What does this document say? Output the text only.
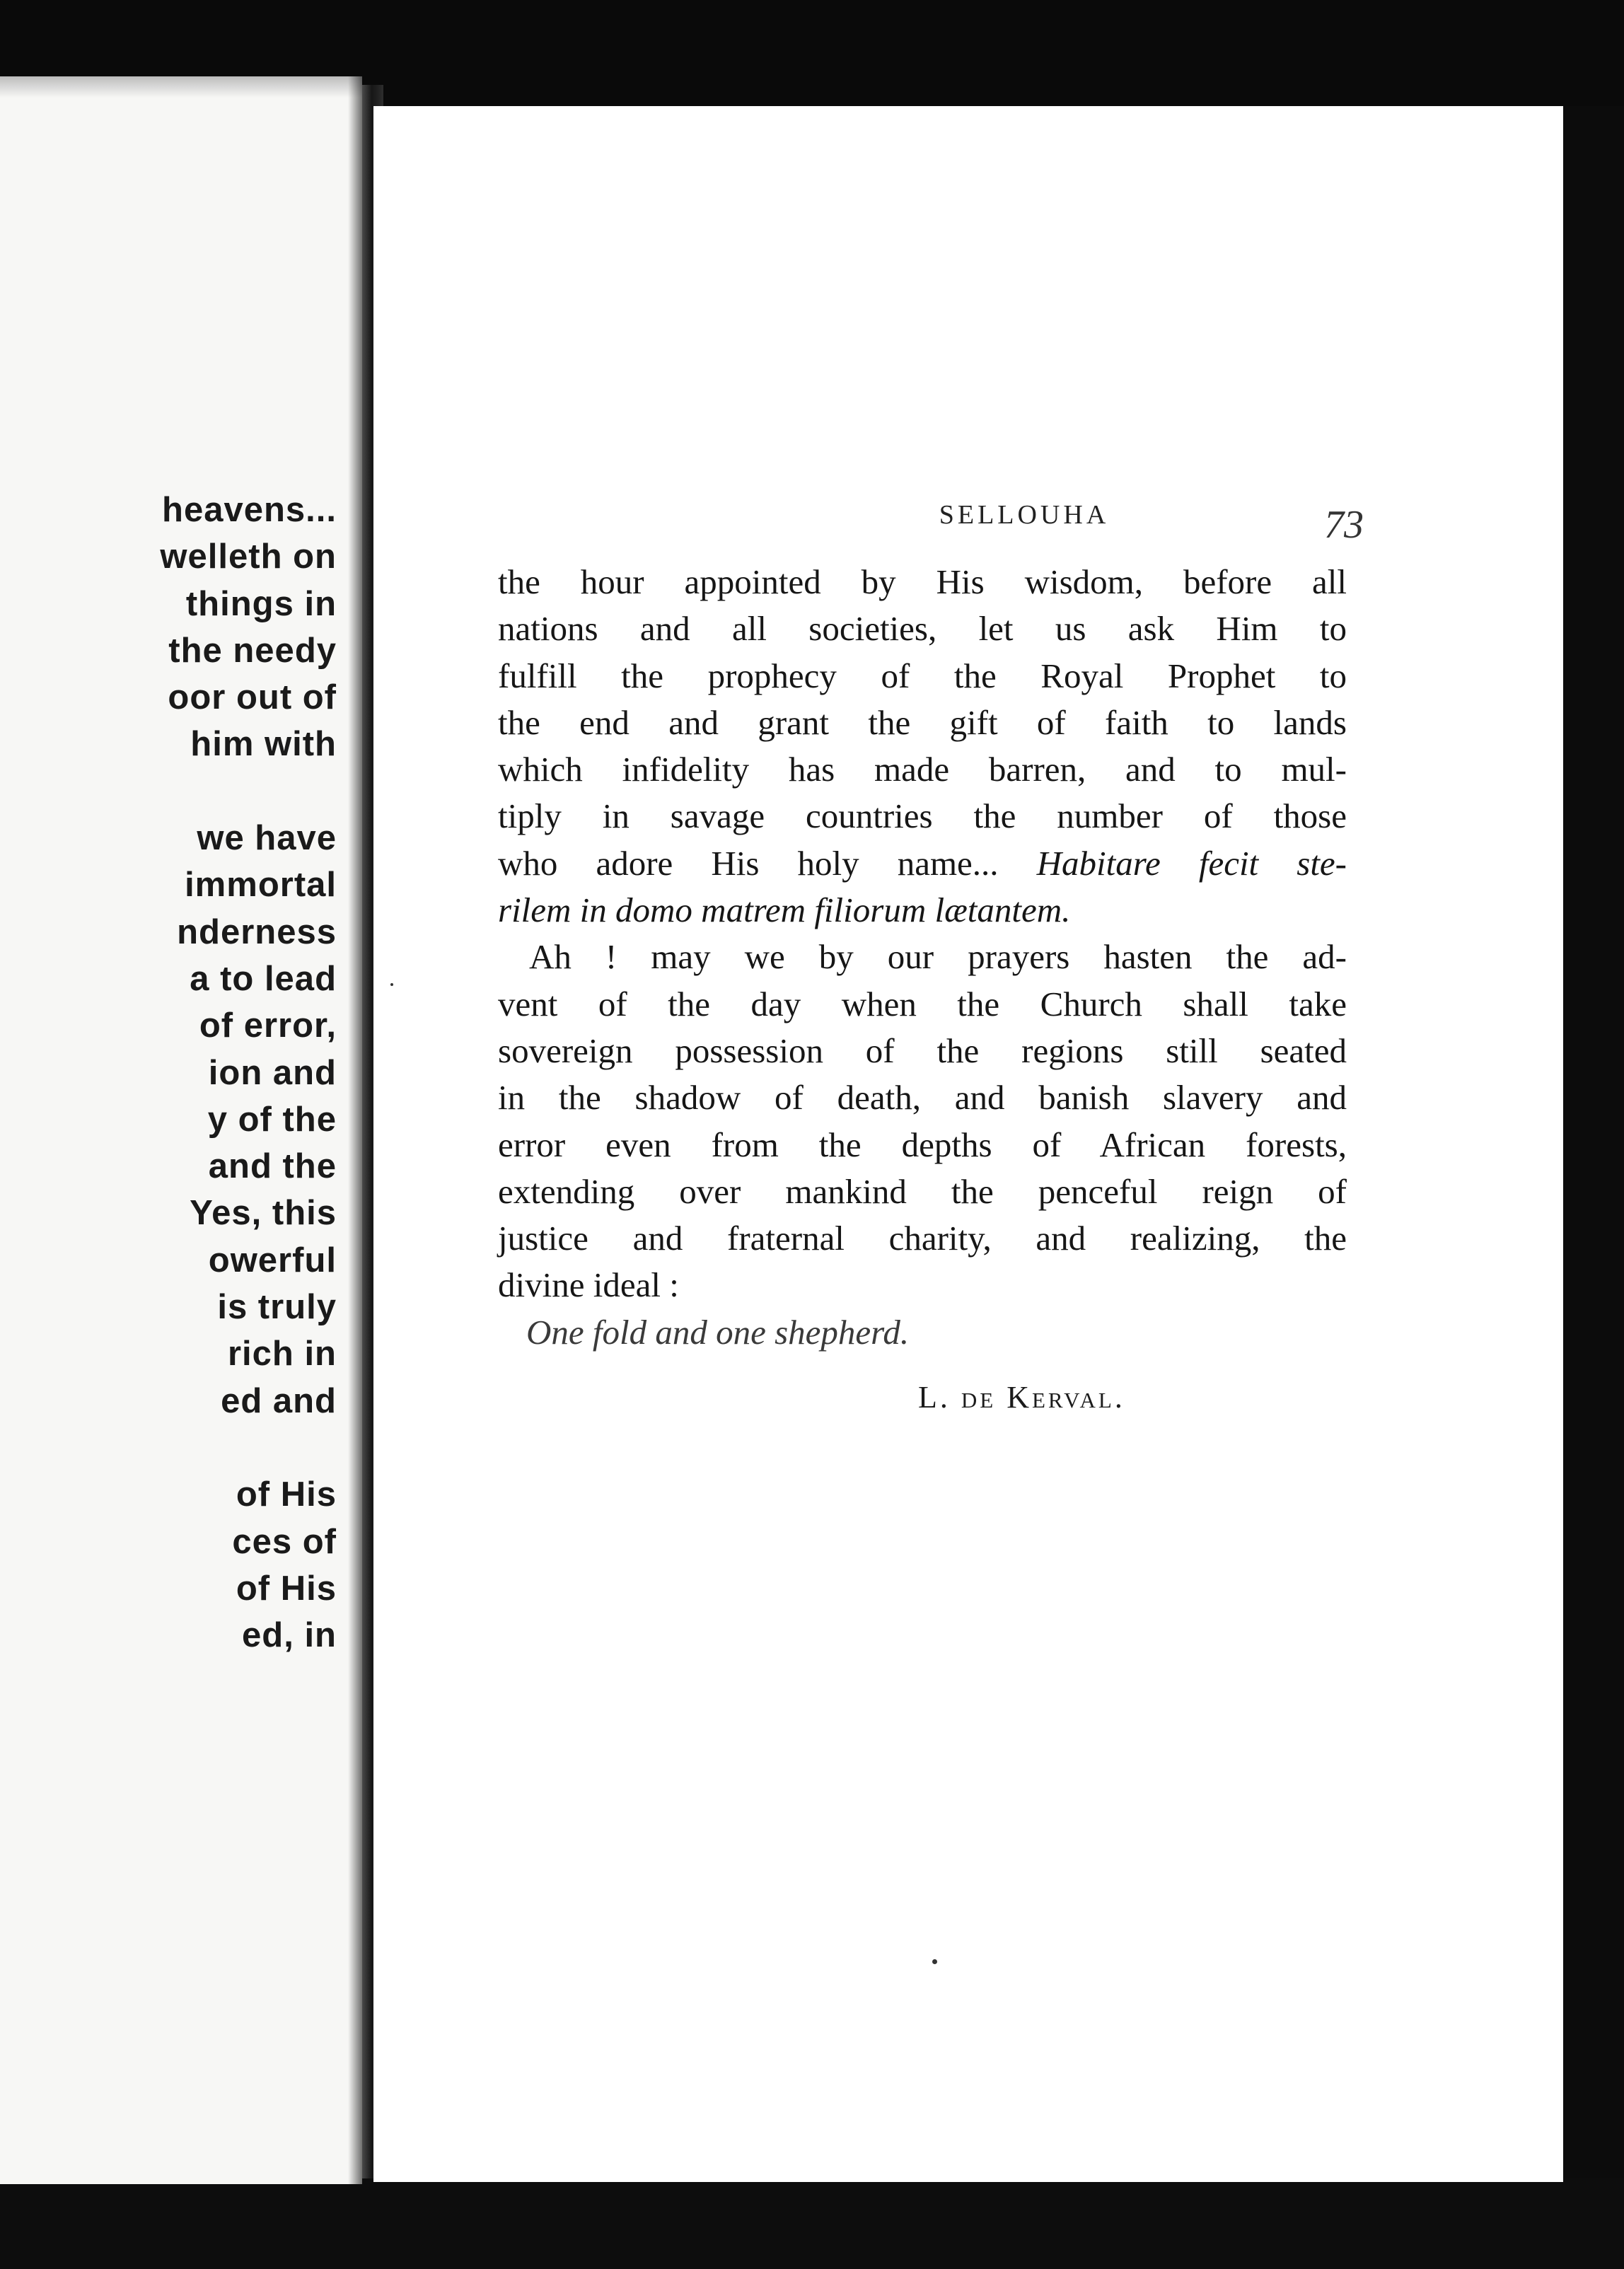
heavens...
welleth on
things in
the needy
oor out of
him with
we have
immortal
nderness
a to lead
of error,
ion and
y of the
and the
Yes, this
owerful
is truly
rich in
ed and
of His
ces of
of His
ed, in
SELLOUHA	73
the hour appointed by His wisdom, before all
nations and all societies, let us ask Him to
fulfill the prophecy of the Royal Prophet to
the end and grant the gift of faith to lands
which infidelity has made barren, and to mul-
tiply in savage countries the number of those
who adore His holy name... Habitare fecit ste-
rilem in domo matrem filiorum lætantem.
Ah ! may we by our prayers hasten the ad-
vent of the day when the Church shall take
sovereign possession of the regions still seated
in the shadow of death, and banish slavery and
error even from the depths of African forests,
extending over mankind the penceful reign of
justice and fraternal charity, and realizing, the
divine ideal :
One fold and one shepherd.
L. de Kerval.
